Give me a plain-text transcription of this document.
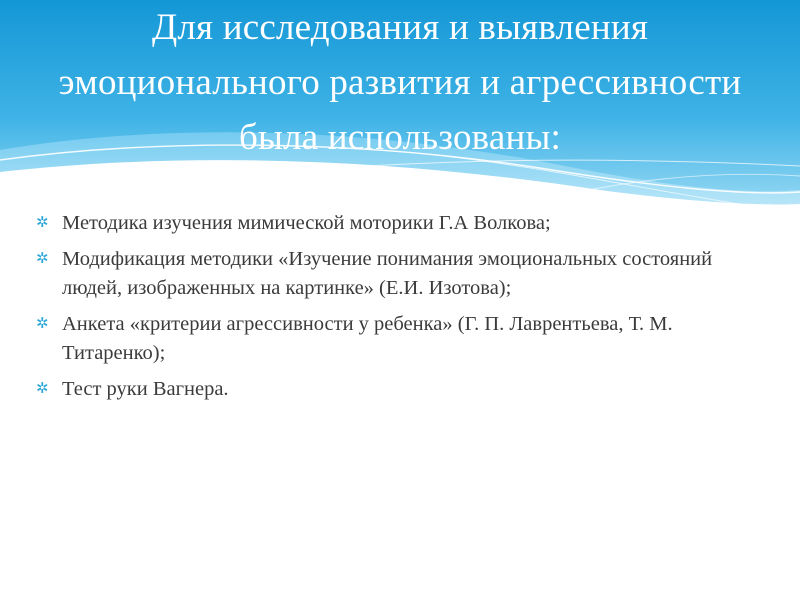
Для исследования и выявления эмоционального развития и агрессивности была использованы:
✲ Методика изучения мимической моторики Г.А Волкова;
✲ Модификация методики «Изучение понимания эмоциональных состояний людей, изображенных на картинке» (Е.И. Изотова);
✲ Анкета «критерии агрессивности у ребенка» (Г. П. Лаврентьева, Т. М. Титаренко);
✲ Тест руки Вагнера.
